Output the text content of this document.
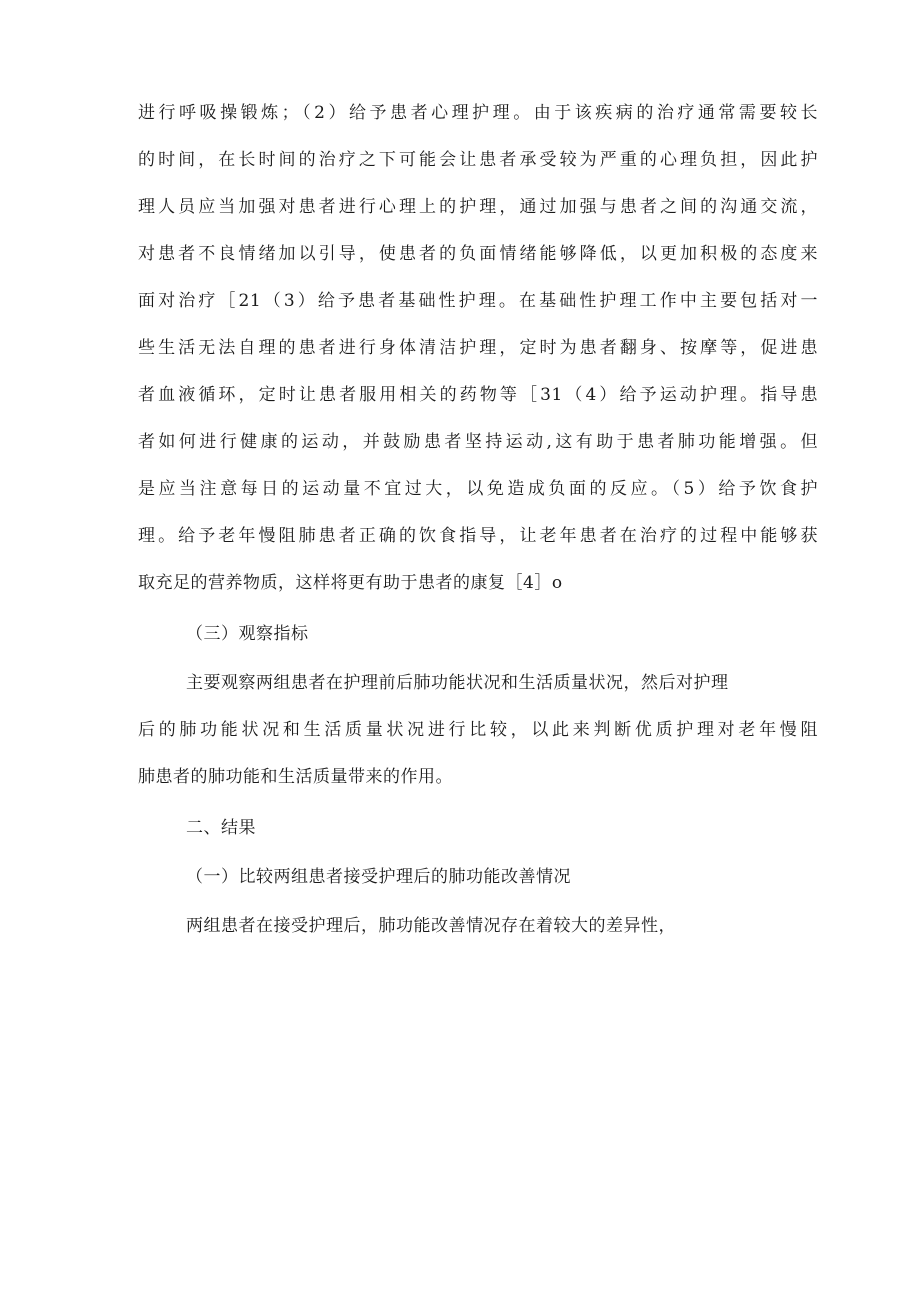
进行呼吸操锻炼；（2）给予患者心理护理。由于该疾病的治疗通常需要较长
的时间，在长时间的治疗之下可能会让患者承受较为严重的心理负担，因此护
理人员应当加强对患者进行心理上的护理，通过加强与患者之间的沟通交流，
对患者不良情绪加以引导，使患者的负面情绪能够降低，以更加积极的态度来
面对治疗［21（3）给予患者基础性护理。在基础性护理工作中主要包括对一
些生活无法自理的患者进行身体清洁护理，定时为患者翻身、按摩等，促进患
者血液循环，定时让患者服用相关的药物等［31（4）给予运动护理。指导患
者如何进行健康的运动，并鼓励患者坚持运动,这有助于患者肺功能增强。但
是应当注意每日的运动量不宜过大，以免造成负面的反应。（5）给予饮食护
理。给予老年慢阻肺患者正确的饮食指导，让老年患者在治疗的过程中能够获
取充足的营养物质，这样将更有助于患者的康复［4］o
（三）观察指标
主要观察两组患者在护理前后肺功能状况和生活质量状况，然后对护理
后的肺功能状况和生活质量状况进行比较，以此来判断优质护理对老年慢阻
肺患者的肺功能和生活质量带来的作用。
二、结果
（一）比较两组患者接受护理后的肺功能改善情况
两组患者在接受护理后，肺功能改善情况存在着较大的差异性，
